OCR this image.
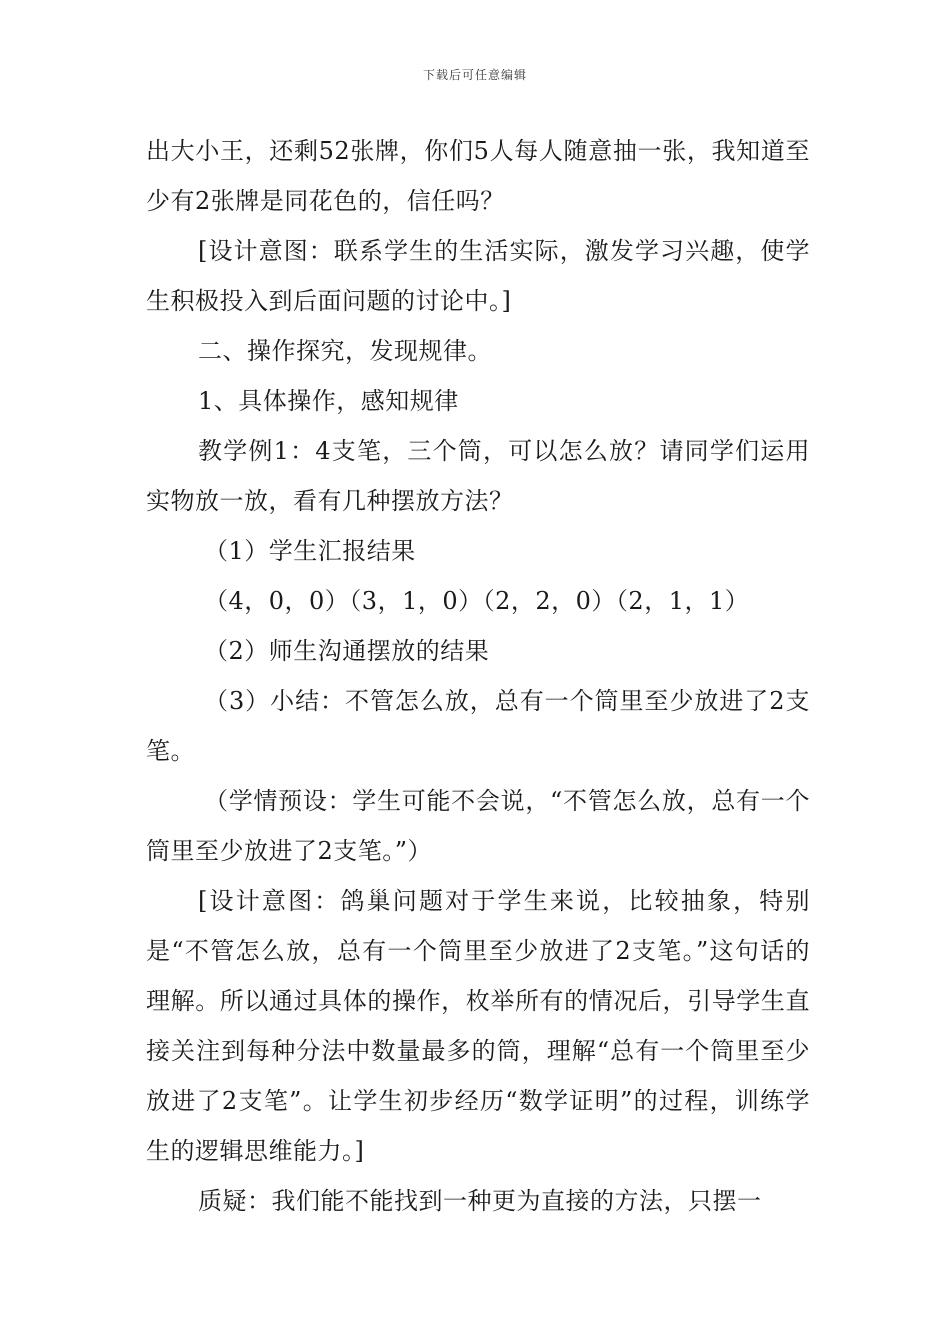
下载后可任意编辑

出大小王，还剩52张牌，你们5人每人随意抽一张，我知道至少有2张牌是同花色的，信任吗？

[设计意图：联系学生的生活实际，激发学习兴趣，使学生积极投入到后面问题的讨论中。]

二、操作探究，发现规律。

1、具体操作，感知规律

教学例1：4支笔，三个筒，可以怎么放？请同学们运用实物放一放，看有几种摆放方法？

（1）学生汇报结果

（4，0，0）（3，1，0）（2，2，0）（2，1，1）

（2）师生沟通摆放的结果

（3）小结：不管怎么放，总有一个筒里至少放进了2支笔。

（学情预设：学生可能不会说，“不管怎么放，总有一个筒里至少放进了2支笔。”）

[设计意图：鸽巢问题对于学生来说，比较抽象，特别是“不管怎么放，总有一个筒里至少放进了2支笔。”这句话的理解。所以通过具体的操作，枚举所有的情况后，引导学生直接关注到每种分法中数量最多的筒，理解“总有一个筒里至少放进了2支笔”。让学生初步经历“数学证明”的过程，训练学生的逻辑思维能力。]

质疑：我们能不能找到一种更为直接的方法，只摆一
